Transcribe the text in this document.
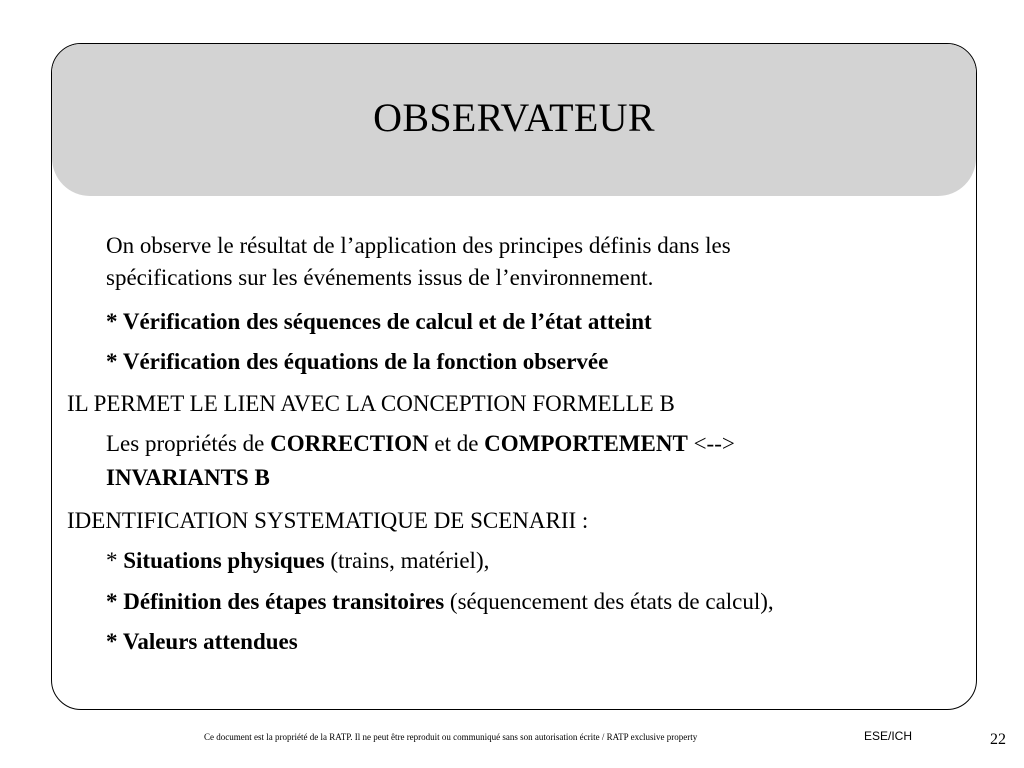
OBSERVATEUR
On observe le résultat de l’application des principes définis dans les
spécifications sur les événements issus de l’environnement.
* Vérification des séquences de calcul et de l’état atteint
* Vérification des équations de la fonction observée
IL PERMET LE LIEN AVEC LA CONCEPTION FORMELLE B
Les propriétés de CORRECTION et de COMPORTEMENT <-->
INVARIANTS B
IDENTIFICATION SYSTEMATIQUE DE SCENARII :
* Situations physiques (trains, matériel),
* Définition des étapes transitoires (séquencement des états de calcul),
* Valeurs attendues
Ce document est la propriété de la RATP. Il ne peut être reproduit ou communiqué sans son autorisation écrite / RATP exclusive property	ESE/ICH	22
